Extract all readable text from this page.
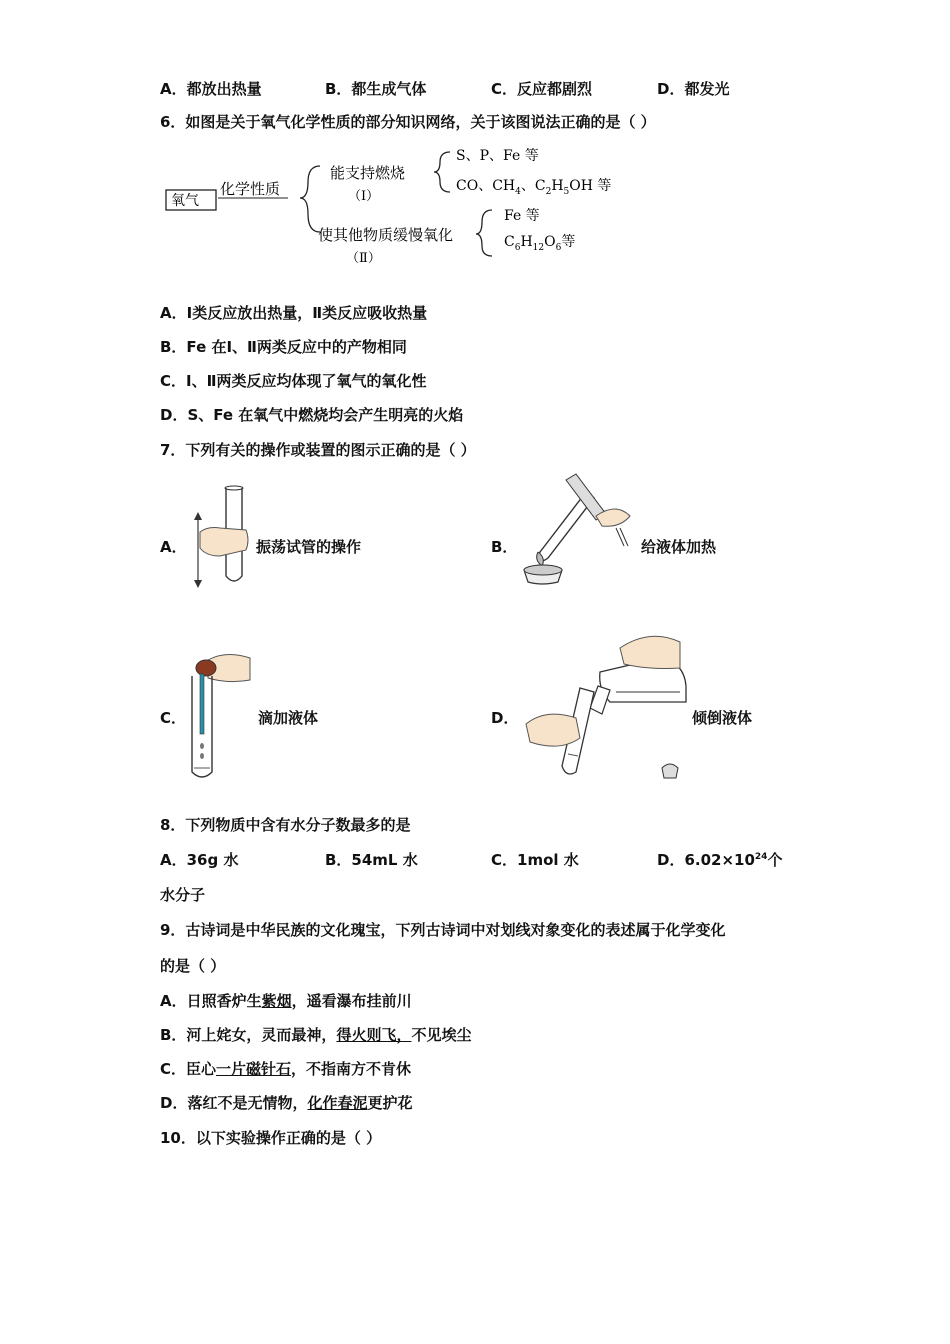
A．都放出热量	B．都生成气体	C．反应都剧烈	D．都发光
6．如图是关于氧气化学性质的部分知识网络，关于该图说法正确的是（ ）
氧气
化学性质
能支持燃烧
（Ⅰ）
S、P、Fe 等
CO、$CH_4$、$C_2H_5OH$ 等
使其他物质缓慢氧化
（Ⅱ）
Fe 等
$C_6H_{12}O_6$等
A．Ⅰ类反应放出热量，Ⅱ类反应吸收热量
B．Fe 在Ⅰ、Ⅱ两类反应中的产物相同
C．Ⅰ、Ⅱ两类反应均体现了氧气的氧化性
D．S、Fe 在氧气中燃烧均会产生明亮的火焰
7．下列有关的操作或装置的图示正确的是（ ）
A．	振荡试管的操作	B．	给液体加热
C．	滴加液体	D．	倾倒液体
8．下列物质中含有水分子数最多的是
A．36g 水	B．54mL 水	C．1mol 水	D．$6.02\times 10^{24}$个
水分子
9．古诗词是中华民族的文化瑰宝，下列古诗词中对划线对象变化的表述属于化学变化
的是（ ）
A．日照香炉生紫烟，遥看瀑布挂前川
B．河上姹女，灵而最神，得火则飞，不见埃尘
C．臣心一片磁针石，不指南方不肯休
D．落红不是无情物，化作春泥更护花
10．以下实验操作正确的是（ ）
